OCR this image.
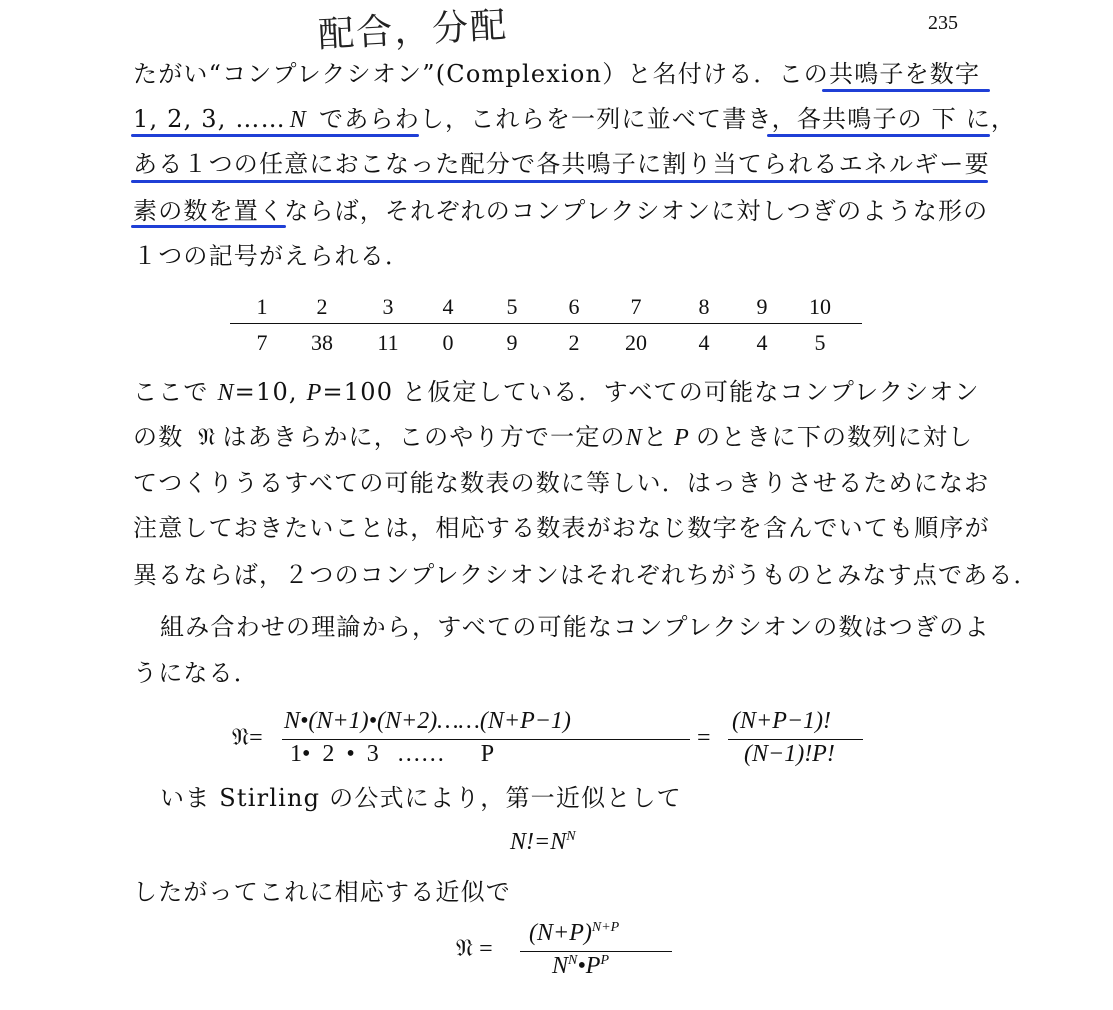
配合，分配	235
たがい“コンプレクシオン”(Complexion）と名付ける．この共鳴子を数字
1, 2, 3, …… N であらわし，これらを一列に並べて書き，各共鳴子の 下 に，
ある１つの任意におこなった配分で各共鳴子に割り当てられるエネルギー要
素の数を置くならば，それぞれのコンプレクシオンに対しつぎのような形の
１つの記号がえられる．
1	2	3	4	5	6	7	8	9	10
7	38	11	0	9	2	20	4	4	5
ここで N=10, P=100 と仮定している．すべての可能なコンプレクシオン
の数 𝔑 はあきらかに，このやり方で一定のNと P のときに下の数列に対し
てつくりうるすべての可能な数表の数に等しい．はっきりさせるためになお
注意しておきたいことは，相応する数表がおなじ数字を含んでいても順序が
異るならば，２つのコンプレクシオンはそれぞれちがうものとみなす点である．
組み合わせの理論から，すべての可能なコンプレクシオンの数はつぎのよ
うになる．
𝔑=
N•(N+1)•(N+2)……(N+P−1)
1•  2  •  3   ……      P
=
(N+P−1)!
(N−1)!P!
いま Stirling の公式により，第一近似として
$N!=N^N$
したがってこれに相応する近似で
𝔑 =
$(N+P)^{N+P}$
$N^N•P^P$
